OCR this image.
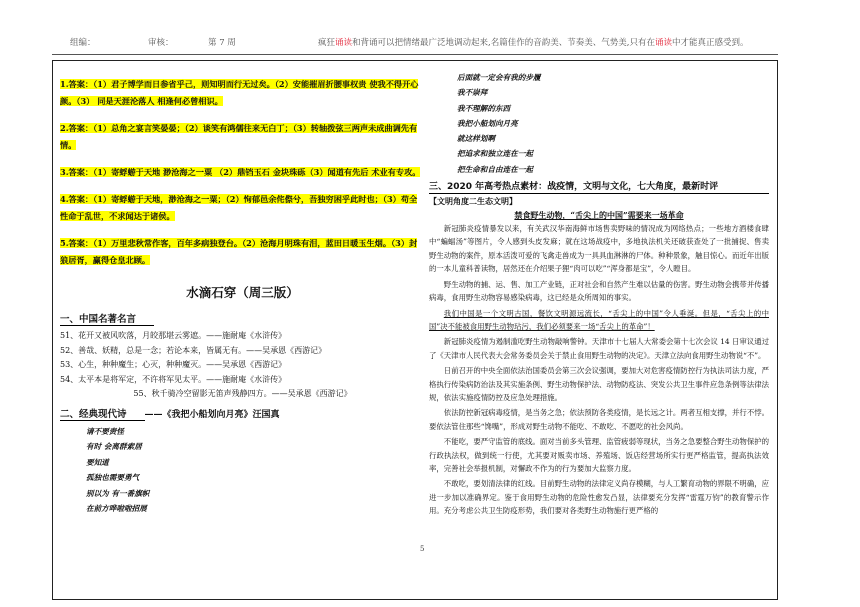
组编：	审核：	第 7 周	疯狂诵读和背诵可以把情绪最广泛地调动起来,名篇佳作的音韵美、节奏美、气势美,只有在诵读中才能真正感受到。
1.答案：（1）君子博学而日参省乎己，则知明而行无过矣。（2）安能摧眉折腰事权贵 使我不得开心颜。（3） 同是天涯沦落人 相逢何必曾相识。
2.答案：（1）总角之宴言笑晏晏；（2）谈笑有鸿儒往来无白丁；（3）转轴拨弦三两声未成曲调先有情。
3.答案：（1）寄蜉蝣于天地 渺沧海之一粟 （2）鼎铛玉石 金块珠砾（3）闻道有先后 术业有专攻。
4.答案：（1）寄蜉蝣于天地，渺沧海之一粟；（2）恂郁邑余侘傺兮，吾独穷困乎此时也；（3）苟全性命于乱世，不求闻达于诸侯。
5.答案：（1）万里悲秋常作客，百年多病独登台。（2）沧海月明珠有泪，蓝田日暖玉生烟。（3）封狼居胥，赢得仓皇北顾。
水滴石穿（周三版）
一、中国名著名言
51、花开又被风吹落，月皎那堪云雾遮。——施耐庵《水浒传》
52、善哉、妖精，总是一念；若论本来，皆属无有。——吴承恩《西游记》
53、心生，种种魔生；心灭，种种魔灭。——吴承恩《西游记》
54、太平本是将军定，不许将军见太平。——施耐庵《水浒传》
55、秋千骑冷空留影无笛声残静四方。——吴承恩《西游记》
二、经典现代诗 ——《我把小船划向月亮》汪国真
请不要责怪
有时 会离群索居
要知道
孤独也需要勇气
别以为 有一番旗帜
在前方哗啦啦招展
后面就一定会有我的步履
我不崇拜
我不理解的东西
我把小船划向月亮
就这样划啊
把追求和独立连在一起
把生命和自由连在一起
三、2020 年高考热点素材：战疫情，文明与文化，七大角度，最新时评
【文明角度二生态文明】
禁食野生动物，“舌尖上的中国”需要来一场革命

新冠肺炎疫情暴发以来，有关武汉华南海鲜市场售卖野味的情况成为网络热点；一些地方酒楼食肆中“蝙蝠汤”等图片，令人感到头皮发麻；就在这场战疫中，多地执法机关还破获查处了一批捕捉、售卖野生动物的案件，原本活泼可爱的飞禽走兽成为一具具血淋淋的尸体。种种景象，触目惊心。而近年出版的一本儿童科普读物，居然还在介绍果子狸“肉可以吃”“浑身都是宝”，令人瞠目。

野生动物的捕、运、售、加工产业链，正对社会和自然产生难以估量的伤害。野生动物会携带并传播病毒，食用野生动物容易感染病毒，这已经是众所周知的事实。

我们中国是一个文明古国，餐饮文明源远流长，“舌尖上的中国”令人垂涎。但是，“舌尖上的中国”决不能被食用野生动物玷污，我们必须要来一场“舌尖上的革命”！

新冠肺炎疫情为遏制滥吃野生动物敲响警钟。天津市十七届人大常委会第十七次会议 14 日审议通过了《天津市人民代表大会常务委员会关于禁止食用野生动物的决定》。天津立法向食用野生动物说“不”。

日前召开的中央全面依法治国委员会第三次会议强调，要加大对危害疫情防控行为执法司法力度，严格执行传染病防治法及其实施条例、野生动物保护法、动物防疫法、突发公共卫生事件应急条例等法律法规，依法实施疫情防控及应急处理措施。

依法防控新冠病毒疫情，是当务之急；依法预防各类疫情，是长远之计。两者互相支撑，并行不悖。要依法管住那些“馋嘴”，形成对野生动物不能吃、不敢吃、不愿吃的社会风尚。

不能吃，要严守监管的底线。面对当前多头管理、监管疲弱等现状，当务之急要整合野生动物保护的行政执法权，做到统一行使，尤其要对贩卖市场、养殖场、饭店经营场所实行更严格监管，提高执法效率，完善社会举报机制，对懈政不作为的行为要加大监察力度。

不敢吃，要划清法律的红线。目前野生动物的法律定义尚存模糊，与人工繁育动物的界限不明确，应进一步加以准确界定。鉴于食用野生动物的危险性愈发凸显，法律要充分发挥“雷霆万钧”的教育警示作用。充分考虑公共卫生防疫形势，我们要对各类野生动物施行更严格的

5
